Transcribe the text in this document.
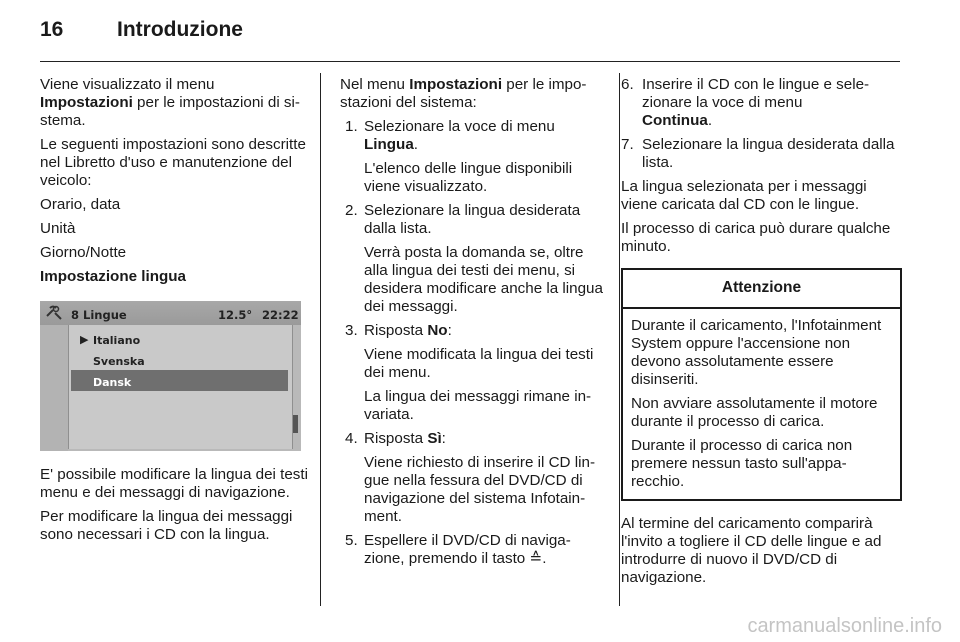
16	Introduzione

Viene visualizzato il menu
Impostazioni per le impostazioni di sistema.

Le seguenti impostazioni sono descritte nel Libretto d'uso e manutenzione del veicolo:

Orario, data

Unità

Giorno/Notte

Impostazione lingua

8 Lingue	12.5° 22:22
▶ Italiano
Svenska
Dansk

E' possibile modificare la lingua dei testi menu e dei messaggi di navigazione.

Per modificare la lingua dei messaggi sono necessari i CD con la lingua.

Nel menu Impostazioni per le impostazioni del sistema:

1. Selezionare la voce di menu
Lingua.

L'elenco delle lingue disponibili viene visualizzato.

2. Selezionare la lingua desiderata dalla lista.

Verrà posta la domanda se, oltre alla lingua dei testi dei menu, si desidera modificare anche la lingua dei messaggi.

3. Risposta No:

Viene modificata la lingua dei testi dei menu.

La lingua dei messaggi rimane invariata.

4. Risposta Sì:

Viene richiesto di inserire il CD lingue nella fessura del DVD/CD di navigazione del sistema Infotainment.

5. Espellere il DVD/CD di navigazione, premendo il tasto ≙.

6. Inserire il CD con le lingue e selezionare la voce di menu
Continua.

7. Selezionare la lingua desiderata dalla lista.

La lingua selezionata per i messaggi viene caricata dal CD con le lingue.

Il processo di carica può durare qualche minuto.

Attenzione

Durante il caricamento, l'Infotainment System oppure l'accensione non devono assolutamente essere disinseriti.

Non avviare assolutamente il motore durante il processo di carica.

Durante il processo di carica non premere nessun tasto sull'apparecchio.

Al termine del caricamento comparirà l'invito a togliere il CD delle lingue e ad introdurre di nuovo il DVD/CD di navigazione.

carmanualsonline.info
